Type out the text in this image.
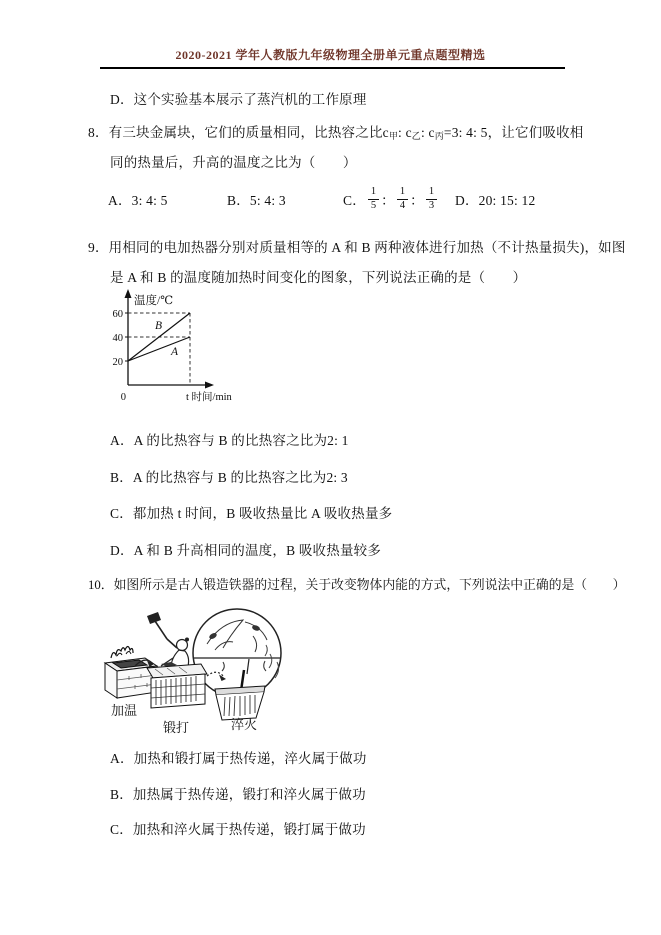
2020-2021 学年人教版九年级物理全册单元重点题型精选
D．这个实验基本展示了蒸汽机的工作原理
8．有三块金属块，它们的质量相同，比热容之比$c_甲$: $c_乙$: $c_丙=3$: 4: 5，让它们吸收相
同的热量后，升高的温度之比为（　　）
A．3: 4: 5	B．5: 4: 3	C． $\frac{1}{5}$ ： $\frac{1}{4}$ ： $\frac{1}{3}$ D．20: 15: 12
9．用相同的电加热器分别对质量相等的 A 和 B 两种液体进行加热（不计热量损失)，如图
是 A 和 B 的温度随加热时间变化的图象，下列说法正确的是（　　）
温度/℃
60
40
20
B
A
0	t 时间/min
A．A 的比热容与 B 的比热容之比为2: 1
B．A 的比热容与 B 的比热容之比为2: 3
C．都加热 t 时间，B 吸收热量比 A 吸收热量多
D．A 和 B 升高相同的温度，B 吸收热量较多
10．如图所示是古人锻造铁器的过程，关于改变物体内能的方式，下列说法中正确的是（　　）
加温
锻打	淬火
A．加热和锻打属于热传递，淬火属于做功
B．加热属于热传递，锻打和淬火属于做功
C．加热和淬火属于热传递，锻打属于做功
